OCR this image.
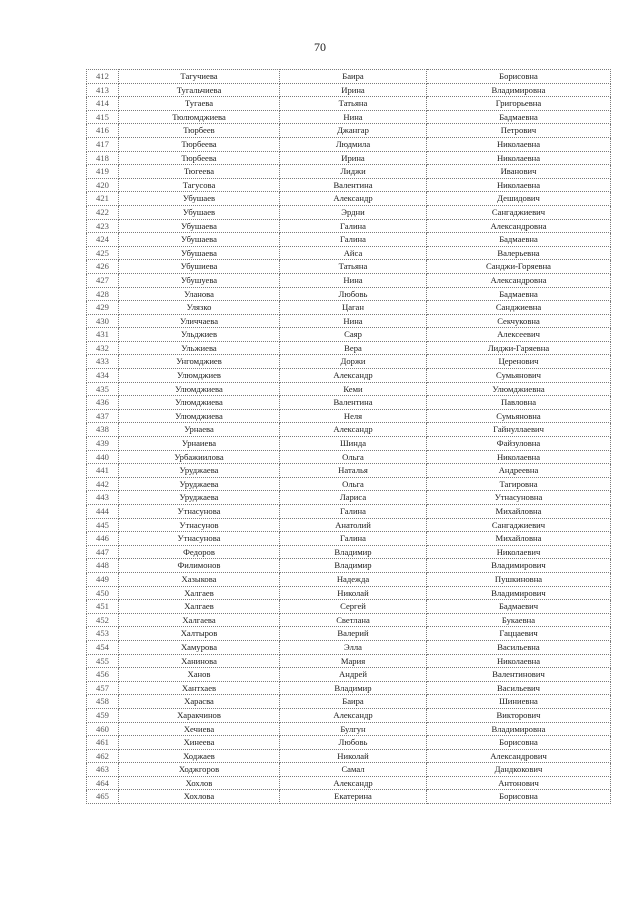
70
412	Тагучиева	Баира	Борисовна
413	Тугальчиева	Ирина	Владимировна
414	Тугаева	Татьяна	Григорьевна
415	Тюлюмджиева	Нина	Бадмаевна
416	Тюрбеев	Джангар	Петрович
417	Тюрбеева	Людмила	Николаевна
418	Тюрбеева	Ирина	Николаевна
419	Тюгеева	Лиджи	Иванович
420	Тагусова	Валентина	Николаевна
421	Убушаев	Александр	Дешидович
422	Убушаев	Эрдни	Сангаджиевич
423	Убушаева	Галина	Александровна
424	Убушаева	Галина	Бадмаевна
425	Убушаева	Айса	Валерьевна
426	Убушиева	Татьяна	Санджи-Горяевна
427	Убушуева	Нина	Александровна
428	Уланова	Любовь	Бадмаевна
429	Улязко	Цаган	Санджиевна
430	Уличчаева	Нина	Секчуковна
431	Ульджиев	Саяр	Алексеевич
432	Ульжиева	Вера	Лиджи-Гаряевна
433	Унгомджиев	Доржи	Церенович
434	Улюмджиев	Александр	Сумьянович
435	Улюмджиева	Кеми	Улюмджиевна
436	Улюмджиева	Валентина	Павловна
437	Улюмджиева	Неля	Сумьяновна
438	Урнаева	Александр	Гайнуллаевич
439	Урнаиева	Шинда	Файзуловна
440	Урбажиилова	Ольга	Николаевна
441	Уруджаева	Наталья	Андреевна
442	Уруджаева	Ольга	Тагировна
443	Уруджаева	Лариса	Утнасуновна
444	Утнасунова	Галина	Михайловна
445	Утнасунов	Анатолий	Сангаджиевич
446	Утнасунова	Галина	Михайловна
447	Федоров	Владимир	Николаевич
448	Филимонов	Владимир	Владимирович
449	Хазыкова	Надежда	Пушкиновна
450	Халгаев	Николай	Владимирович
451	Халгаев	Сергей	Бадмаевич
452	Халгаева	Светлана	Букаевна
453	Халтыров	Валерий	Гаццаевич
454	Хамурова	Элла	Васильевна
455	Ханинова	Мария	Николаевна
456	Ханов	Андрей	Валентинович
457	Хантхаев	Владимир	Васильевич
458	Харасва	Баира	Шиниевна
459	Харакчинов	Александр	Викторович
460	Хечиева	Булгун	Владимировна
461	Хинеева	Любовь	Борисовна
462	Ходжаев	Николай	Александрович
463	Ходжгоров	Самал	Дандкокович
464	Хохлов	Александр	Антонович
465	Хохлова	Екатерина	Борисовна
